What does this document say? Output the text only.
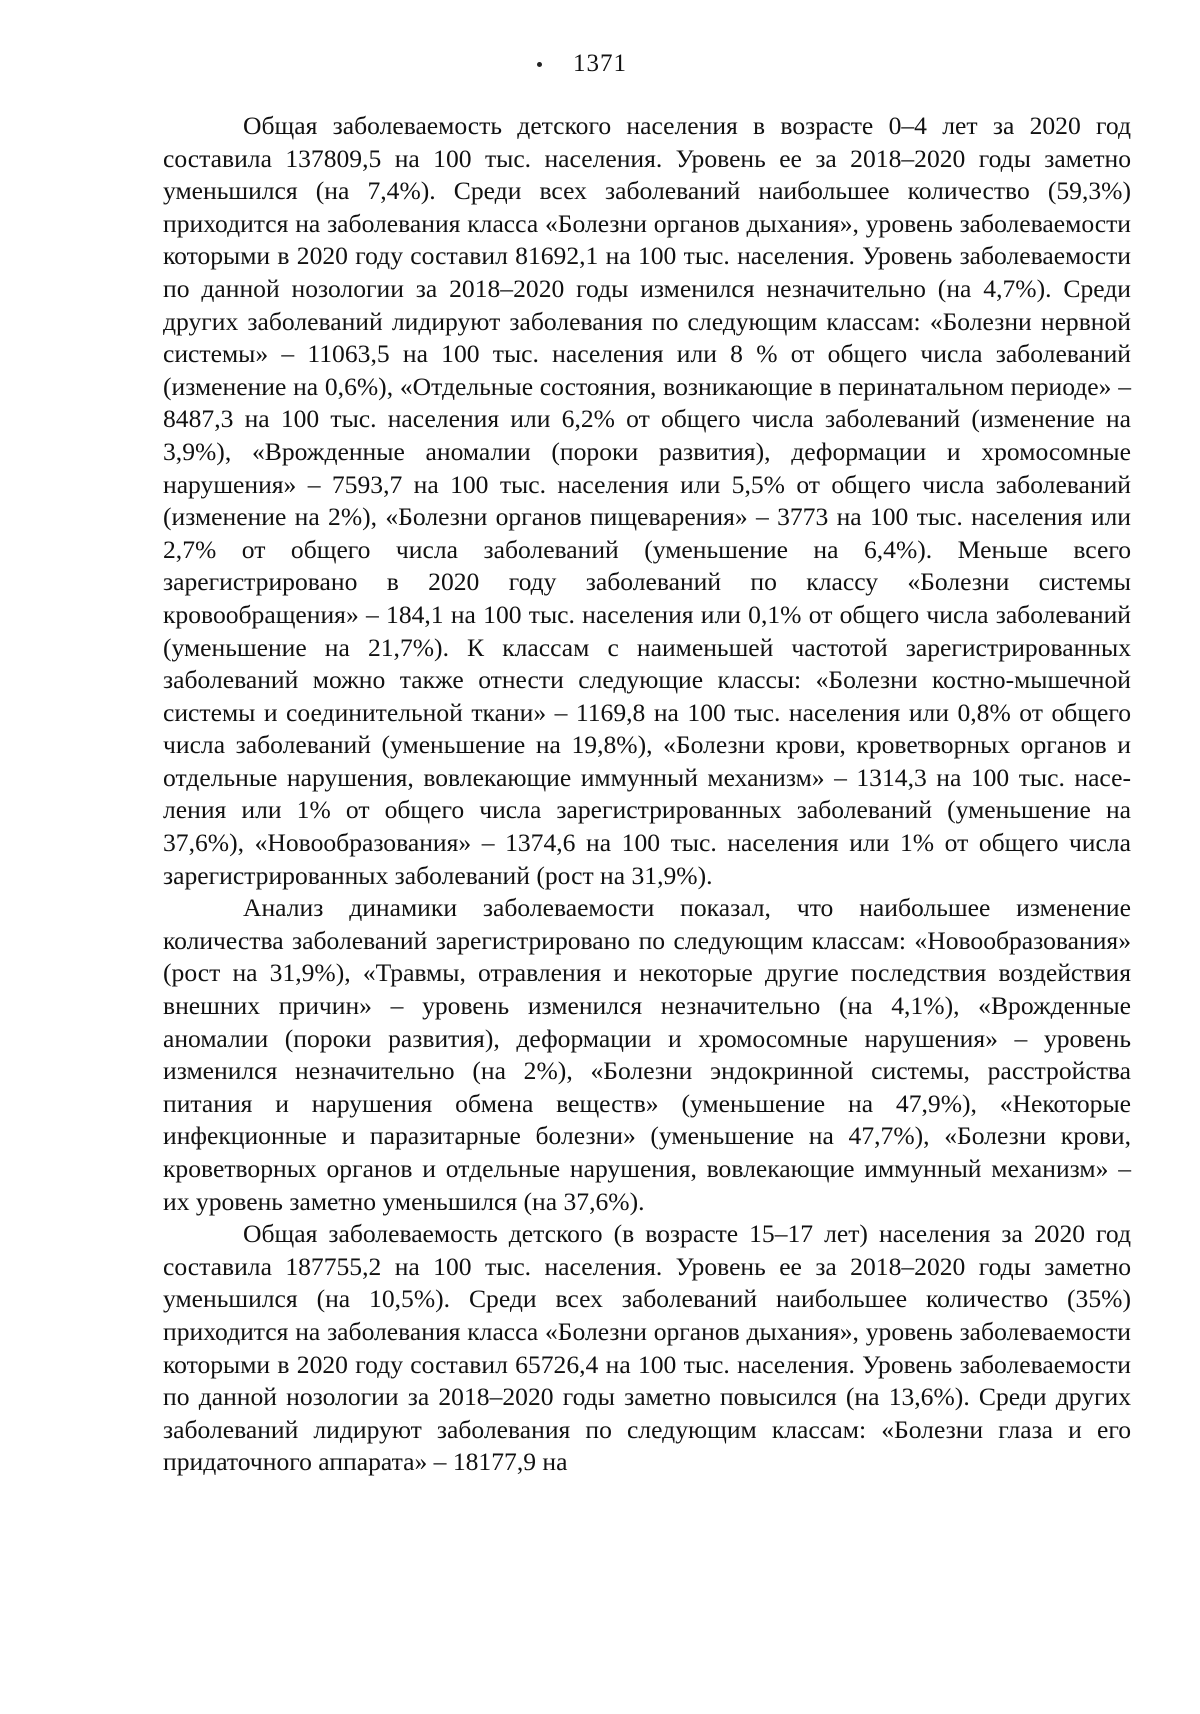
1371

Общая заболеваемость детского населения в возрасте 0–4 лет за 2020 год составила 137809,5 на 100 тыс. населения. Уровень ее за 2018–2020 годы заметно уменьшился (на 7,4%). Среди всех заболеваний наибольшее количество (59,3%) приходится на заболевания класса «Болезни органов дыхания», уровень заболеваемости которыми в 2020 году составил 81692,1 на 100 тыс. населения. Уровень заболеваемости по данной нозологии за 2018–2020 годы изменился незначительно (на 4,7%). Среди других заболеваний лидируют заболевания по следующим классам: «Болезни нервной системы» – 11063,5 на 100 тыс. населения или 8 % от общего числа заболеваний (изменение на 0,6%), «Отдельные состояния, возникающие в перинатальном периоде» – 8487,3 на 100 тыс. населения или 6,2% от общего числа заболеваний (изменение на 3,9%), «Врожденные аномалии (пороки развития), деформации и хромосомные нарушения» – 7593,7 на 100 тыс. населения или 5,5% от общего числа заболеваний (изменение на 2%), «Болезни органов пищеварения» – 3773 на 100 тыс. населения или 2,7% от общего числа заболеваний (уменьшение на 6,4%). Меньше всего зарегистрировано в 2020 году заболеваний по классу «Болезни системы кровообращения» – 184,1 на 100 тыс. населения или 0,1% от общего числа заболеваний (уменьшение на 21,7%). К классам с наименьшей частотой зарегистрированных заболеваний можно также отнести следующие классы: «Болезни костно-мышечной системы и соединительной ткани» – 1169,8 на 100 тыс. населения или 0,8% от общего числа заболеваний (уменьшение на 19,8%), «Болезни крови, кроветворных органов и отдельные нарушения, вовлекающие иммунный механизм» – 1314,3 на 100 тыс. населения или 1% от общего числа зарегистрированных заболеваний (уменьшение на 37,6%), «Новообразования» – 1374,6 на 100 тыс. населения или 1% от общего числа зарегистрированных заболеваний (рост на 31,9%).

Анализ динамики заболеваемости показал, что наибольшее изменение количества заболеваний зарегистрировано по следующим классам: «Новообразования» (рост на 31,9%), «Травмы, отравления и некоторые другие последствия воздействия внешних причин» – уровень изменился незначительно (на 4,1%), «Врожденные аномалии (пороки развития), деформации и хромосомные нарушения» – уровень изменился незначительно (на 2%), «Болезни эндокринной системы, расстройства питания и нарушения обмена веществ» (уменьшение на 47,9%), «Некоторые инфекционные и паразитарные болезни» (уменьшение на 47,7%), «Болезни крови, кроветворных органов и отдельные нарушения, вовлекающие иммунный механизм» – их уровень заметно уменьшился (на 37,6%).

Общая заболеваемость детского (в возрасте 15–17 лет) населения за 2020 год составила 187755,2 на 100 тыс. населения. Уровень ее за 2018–2020 годы заметно уменьшился (на 10,5%). Среди всех заболеваний наибольшее количество (35%) приходится на заболевания класса «Болезни органов дыхания», уровень заболеваемости которыми в 2020 году составил 65726,4 на 100 тыс. населения. Уровень заболеваемости по данной нозологии за 2018–2020 годы заметно повысился (на 13,6%). Среди других заболеваний лидируют заболевания по следующим классам: «Болезни глаза и его придаточного аппарата» – 18177,9 на
